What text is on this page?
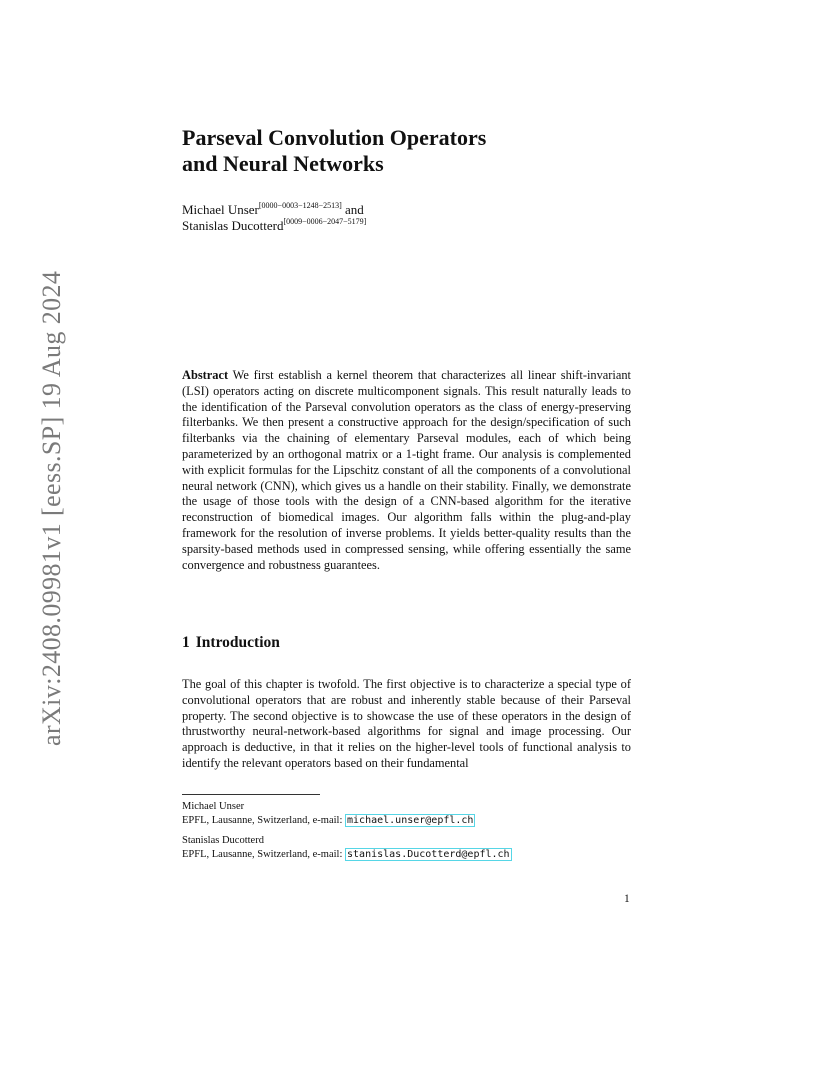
arXiv:2408.09981v1 [eess.SP] 19 Aug 2024
Parseval Convolution Operators
and Neural Networks
Michael Unser[0000−0003−1248−2513] and
Stanislas Ducotterd[0009−0006−2047−5179]

Abstract We first establish a kernel theorem that characterizes all linear shift-invariant (LSI) operators acting on discrete multicomponent signals. This result naturally leads to the identification of the Parseval convolution operators as the class of energy-preserving filterbanks. We then present a constructive approach for the design/specification of such filterbanks via the chaining of elementary Parseval modules, each of which being parameterized by an orthogonal matrix or a 1-tight frame. Our analysis is complemented with explicit formulas for the Lipschitz constant of all the components of a convolutional neural network (CNN), which gives us a handle on their stability. Finally, we demonstrate the usage of those tools with the design of a CNN-based algorithm for the iterative reconstruction of biomedical images. Our algorithm falls within the plug-and-play framework for the resolution of inverse problems. It yields better-quality results than the sparsity-based methods used in compressed sensing, while offering essentially the same convergence and robustness guarantees.

1 Introduction

The goal of this chapter is twofold. The first objective is to characterize a special type of convolutional operators that are robust and inherently stable because of their Parseval property. The second objective is to showcase the use of these operators in the design of thrustworthy neural-network-based algorithms for signal and image processing. Our approach is deductive, in that it relies on the higher-level tools of functional analysis to identify the relevant operators based on their fundamental

Michael Unser
EPFL, Lausanne, Switzerland, e-mail: michael.unser@epfl.ch
Stanislas Ducotterd
EPFL, Lausanne, Switzerland, e-mail: stanislas.Ducotterd@epfl.ch
1
